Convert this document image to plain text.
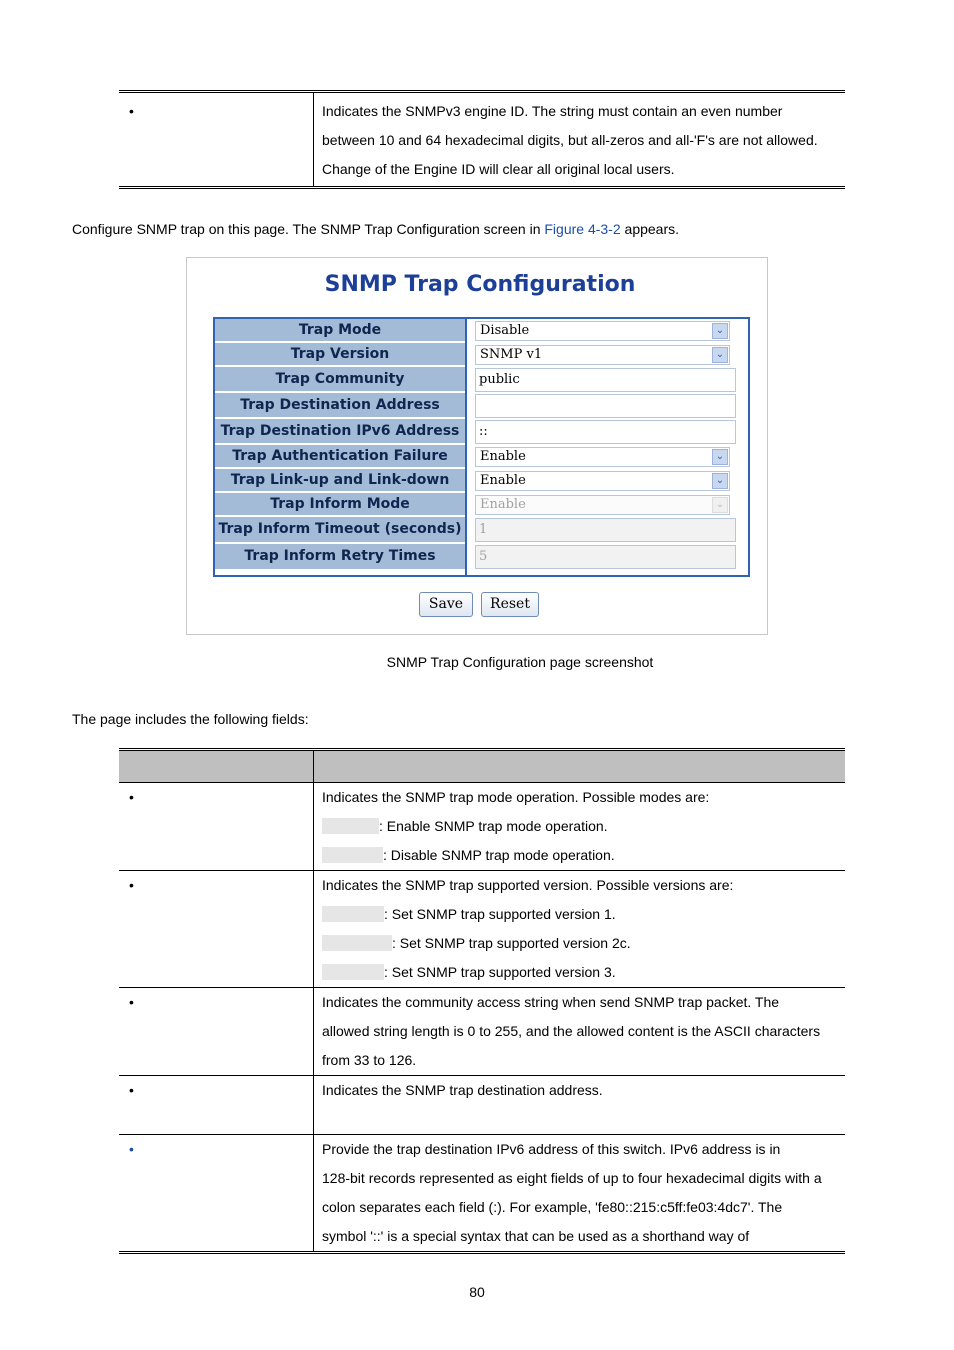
•	Indicates the SNMPv3 engine ID. The string must contain an even number
between 10 and 64 hexadecimal digits, but all-zeros and all-'F's are not allowed.
Change of the Engine ID will clear all original local users.
Configure SNMP trap on this page. The SNMP Trap Configuration screen in Figure 4-3-2 appears.
SNMP Trap Configuration
Trap Mode	Disable	⌄
Trap Version	SNMP v1	⌄
Trap Community	public
Trap Destination Address
Trap Destination IPv6 Address	::
Trap Authentication Failure	Enable	⌄
Trap Link-up and Link-down	Enable	⌄
Trap Inform Mode	Enable	⌄
Trap Inform Timeout (seconds)	1
Trap Inform Retry Times	5
Save	Reset
SNMP Trap Configuration page screenshot
The page includes the following fields:

•	Indicates the SNMP trap mode operation. Possible modes are:
: Enable SNMP trap mode operation.
: Disable SNMP trap mode operation.

•	Indicates the SNMP trap supported version. Possible versions are:
: Set SNMP trap supported version 1.
: Set SNMP trap supported version 2c.
: Set SNMP trap supported version 3.

•	Indicates the community access string when send SNMP trap packet. The
allowed string length is 0 to 255, and the allowed content is the ASCII characters
from 33 to 126.

•	Indicates the SNMP trap destination address.

•	Provide the trap destination IPv6 address of this switch. IPv6 address is in
128-bit records represented as eight fields of up to four hexadecimal digits with a
colon separates each field (:). For example, 'fe80::215:c5ff:fe03:4dc7'. The
symbol '::' is a special syntax that can be used as a shorthand way of
80
